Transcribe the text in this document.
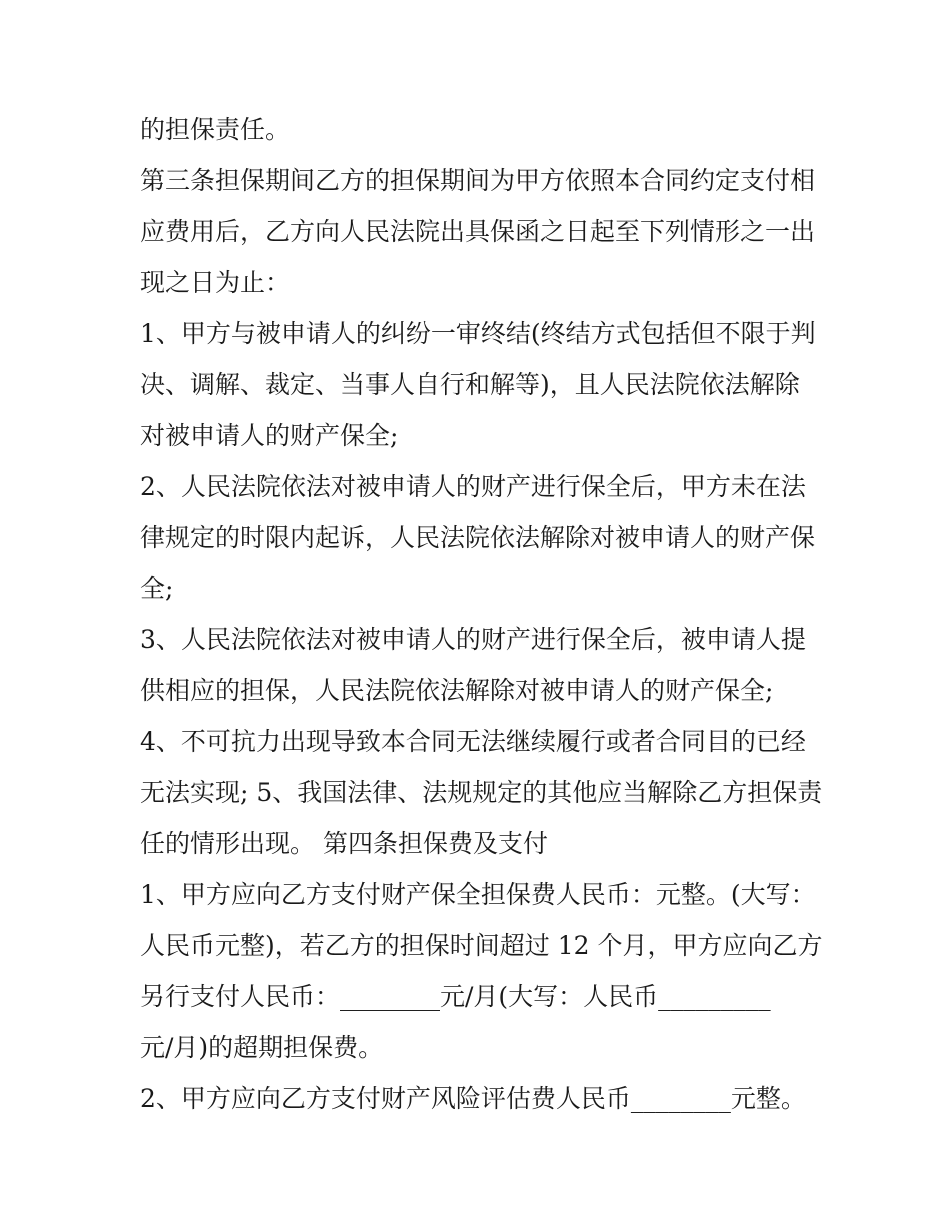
的担保责任。
第三条担保期间乙方的担保期间为甲方依照本合同约定支付相
应费用后，乙方向人民法院出具保函之日起至下列情形之一出
现之日为止：
1、甲方与被申请人的纠纷一审终结(终结方式包括但不限于判
决、调解、裁定、当事人自行和解等)，且人民法院依法解除
对被申请人的财产保全;
2、人民法院依法对被申请人的财产进行保全后，甲方未在法
律规定的时限内起诉，人民法院依法解除对被申请人的财产保
全;
3、人民法院依法对被申请人的财产进行保全后，被申请人提
供相应的担保，人民法院依法解除对被申请人的财产保全;
4、不可抗力出现导致本合同无法继续履行或者合同目的已经
无法实现; 5、我国法律、法规规定的其他应当解除乙方担保责
任的情形出现。 第四条担保费及支付
1、甲方应向乙方支付财产保全担保费人民币：元整。(大写：
人民币元整)，若乙方的担保时间超过 12 个月，甲方应向乙方
另行支付人民币：________元/月(大写：人民币_________
元/月)的超期担保费。
2、甲方应向乙方支付财产风险评估费人民币________元整。
